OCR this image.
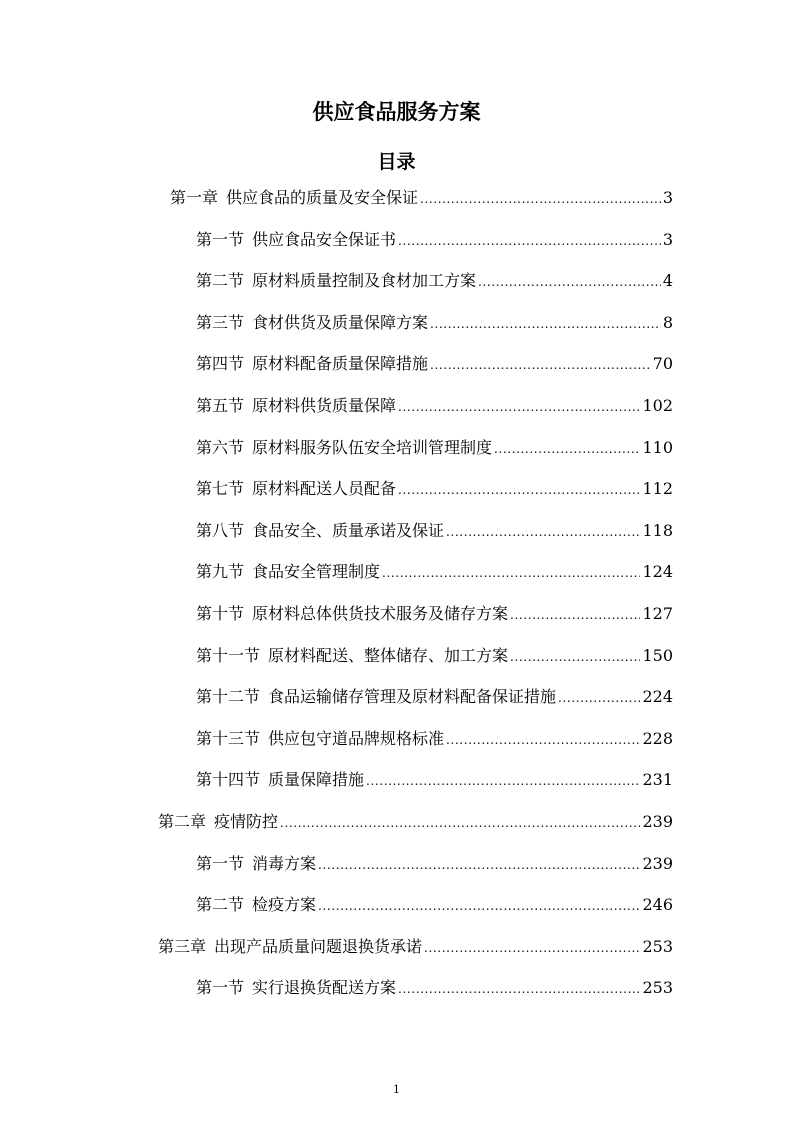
供应食品服务方案
目录
第一章 供应食品的质量及安全保证 .....	3
第一节 供应食品安全保证书 .....	3
第二节 原材料质量控制及食材加工方案 .....	4
第三节 食材供货及质量保障方案 .....	8
第四节 原材料配备质量保障措施 .....	70
第五节 原材料供货质量保障 .....	102
第六节 原材料服务队伍安全培训管理制度 .....	110
第七节 原材料配送人员配备 .....	112
第八节 食品安全、质量承诺及保证 .....	118
第九节 食品安全管理制度 .....	124
第十节 原材料总体供货技术服务及储存方案 .....	127
第十一节 原材料配送、整体储存、加工方案 .....	150
第十二节 食品运输储存管理及原材料配备保证措施 .....	224
第十三节 供应包守道品牌规格标准 .....	228
第十四节 质量保障措施 .....	231
第二章 疫情防控 .....	239
第一节 消毒方案 .....	239
第二节 检疫方案 .....	246
第三章 出现产品质量问题退换货承诺 .....	253
第一节 实行退换货配送方案 .....	253
1
